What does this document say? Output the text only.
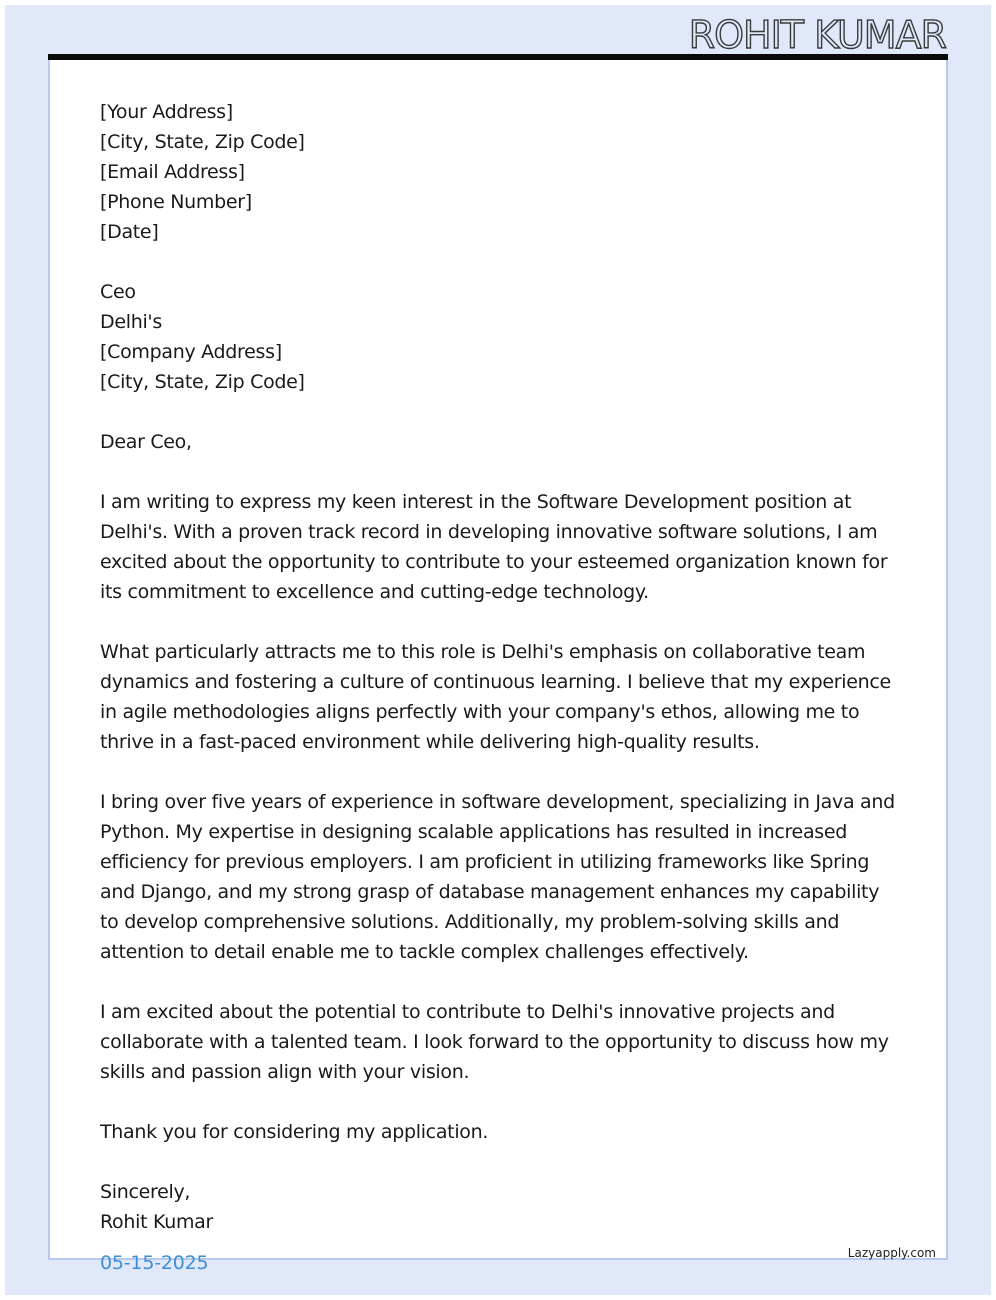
ROHIT KUMAR
[Your Address]
[City, State, Zip Code]
[Email Address]
[Phone Number]
[Date]
Ceo
Delhi's
[Company Address]
[City, State, Zip Code]
Dear Ceo,

I am writing to express my keen interest in the Software Development position at Delhi's. With a proven track record in developing innovative software solutions, I am excited about the opportunity to contribute to your esteemed organization known for its commitment to excellence and cutting-edge technology.

What particularly attracts me to this role is Delhi's emphasis on collaborative team dynamics and fostering a culture of continuous learning. I believe that my experience in agile methodologies aligns perfectly with your company's ethos, allowing me to thrive in a fast-paced environment while delivering high-quality results.

I bring over five years of experience in software development, specializing in Java and Python. My expertise in designing scalable applications has resulted in increased efficiency for previous employers. I am proficient in utilizing frameworks like Spring and Django, and my strong grasp of database management enhances my capability to develop comprehensive solutions. Additionally, my problem-solving skills and attention to detail enable me to tackle complex challenges effectively.

I am excited about the potential to contribute to Delhi's innovative projects and collaborate with a talented team. I look forward to the opportunity to discuss how my skills and passion align with your vision.

Thank you for considering my application.

Sincerely,
Rohit Kumar
05-15-2025	Lazyapply.com
